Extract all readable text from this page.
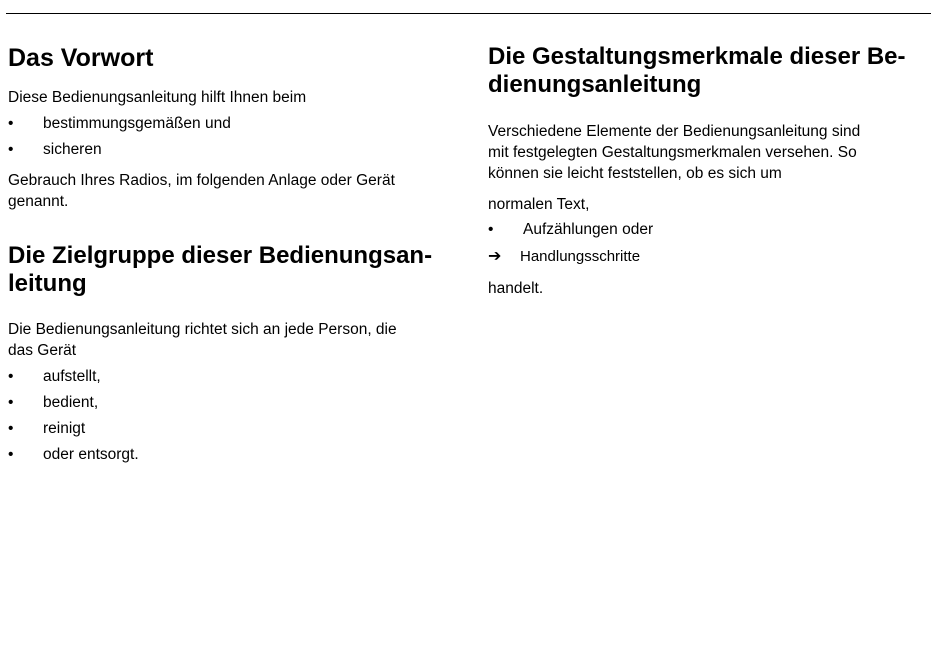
Das Vorwort

Diese Bedienungsanleitung hilft Ihnen beim

• bestimmungsgemäßen und
• sicheren

Gebrauch Ihres Radios, im folgenden Anlage oder Gerät

genannt.

Die Zielgruppe dieser Bedienungsan-
leitung

Die Bedienungsanleitung richtet sich an jede Person, die

das Gerät

• aufstellt,
• bedient,
• reinigt
• oder entsorgt.
Die Gestaltungsmerkmale dieser Be-
dienungsanleitung

Verschiedene Elemente der Bedienungsanleitung sind

mit festgelegten Gestaltungsmerkmalen versehen. So

können sie leicht feststellen, ob es sich um

normalen Text,

• Aufzählungen oder
➔ Handlungsschritte

handelt.
